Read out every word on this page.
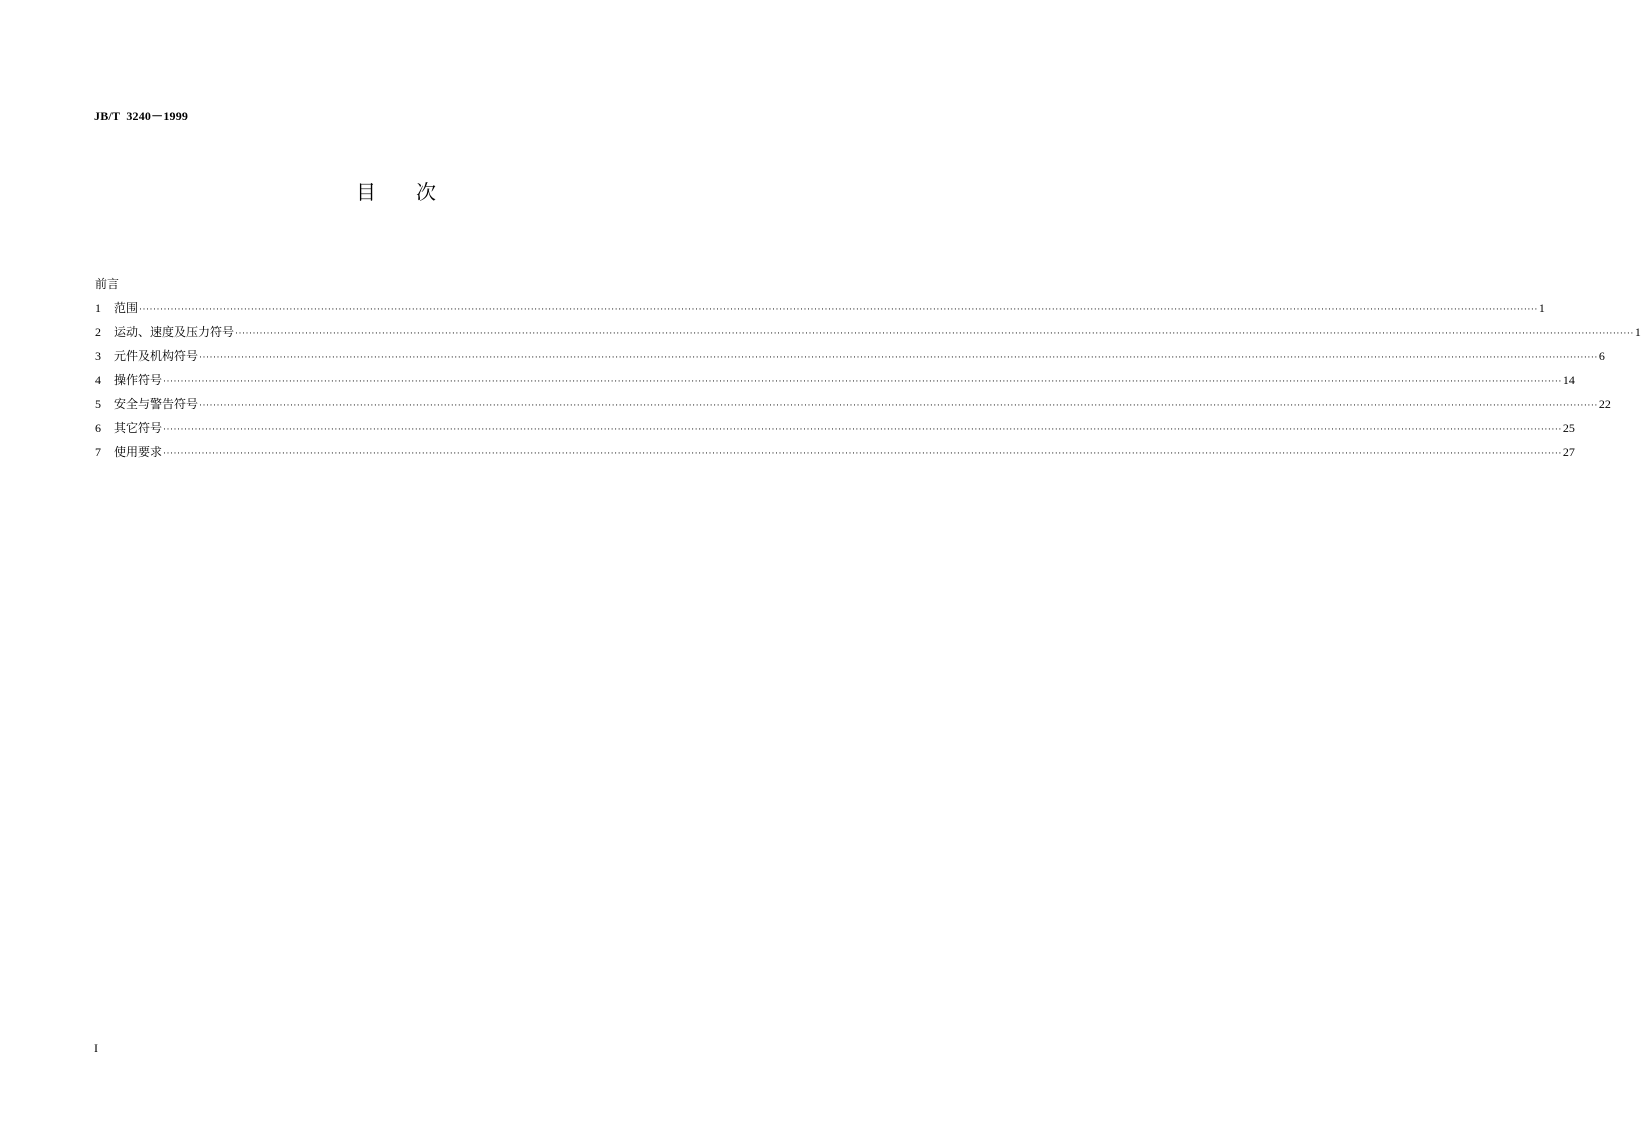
JB/T  3240－1999
目次
前言
1	范围 ················································································································································································································································································································································································································ 1
2	运动、速度及压力符号 ················································································································································································································································································································································································································ 1
3	元件及机构符号 ················································································································································································································································································································································································································ 6
4	操作符号 ················································································································································································································································································································································································································ 14
5	安全与警告符号 ················································································································································································································································································································································································································ 22
6	其它符号 ················································································································································································································································································································································································································ 25
7	使用要求 ················································································································································································································································································································································································································ 27
I
